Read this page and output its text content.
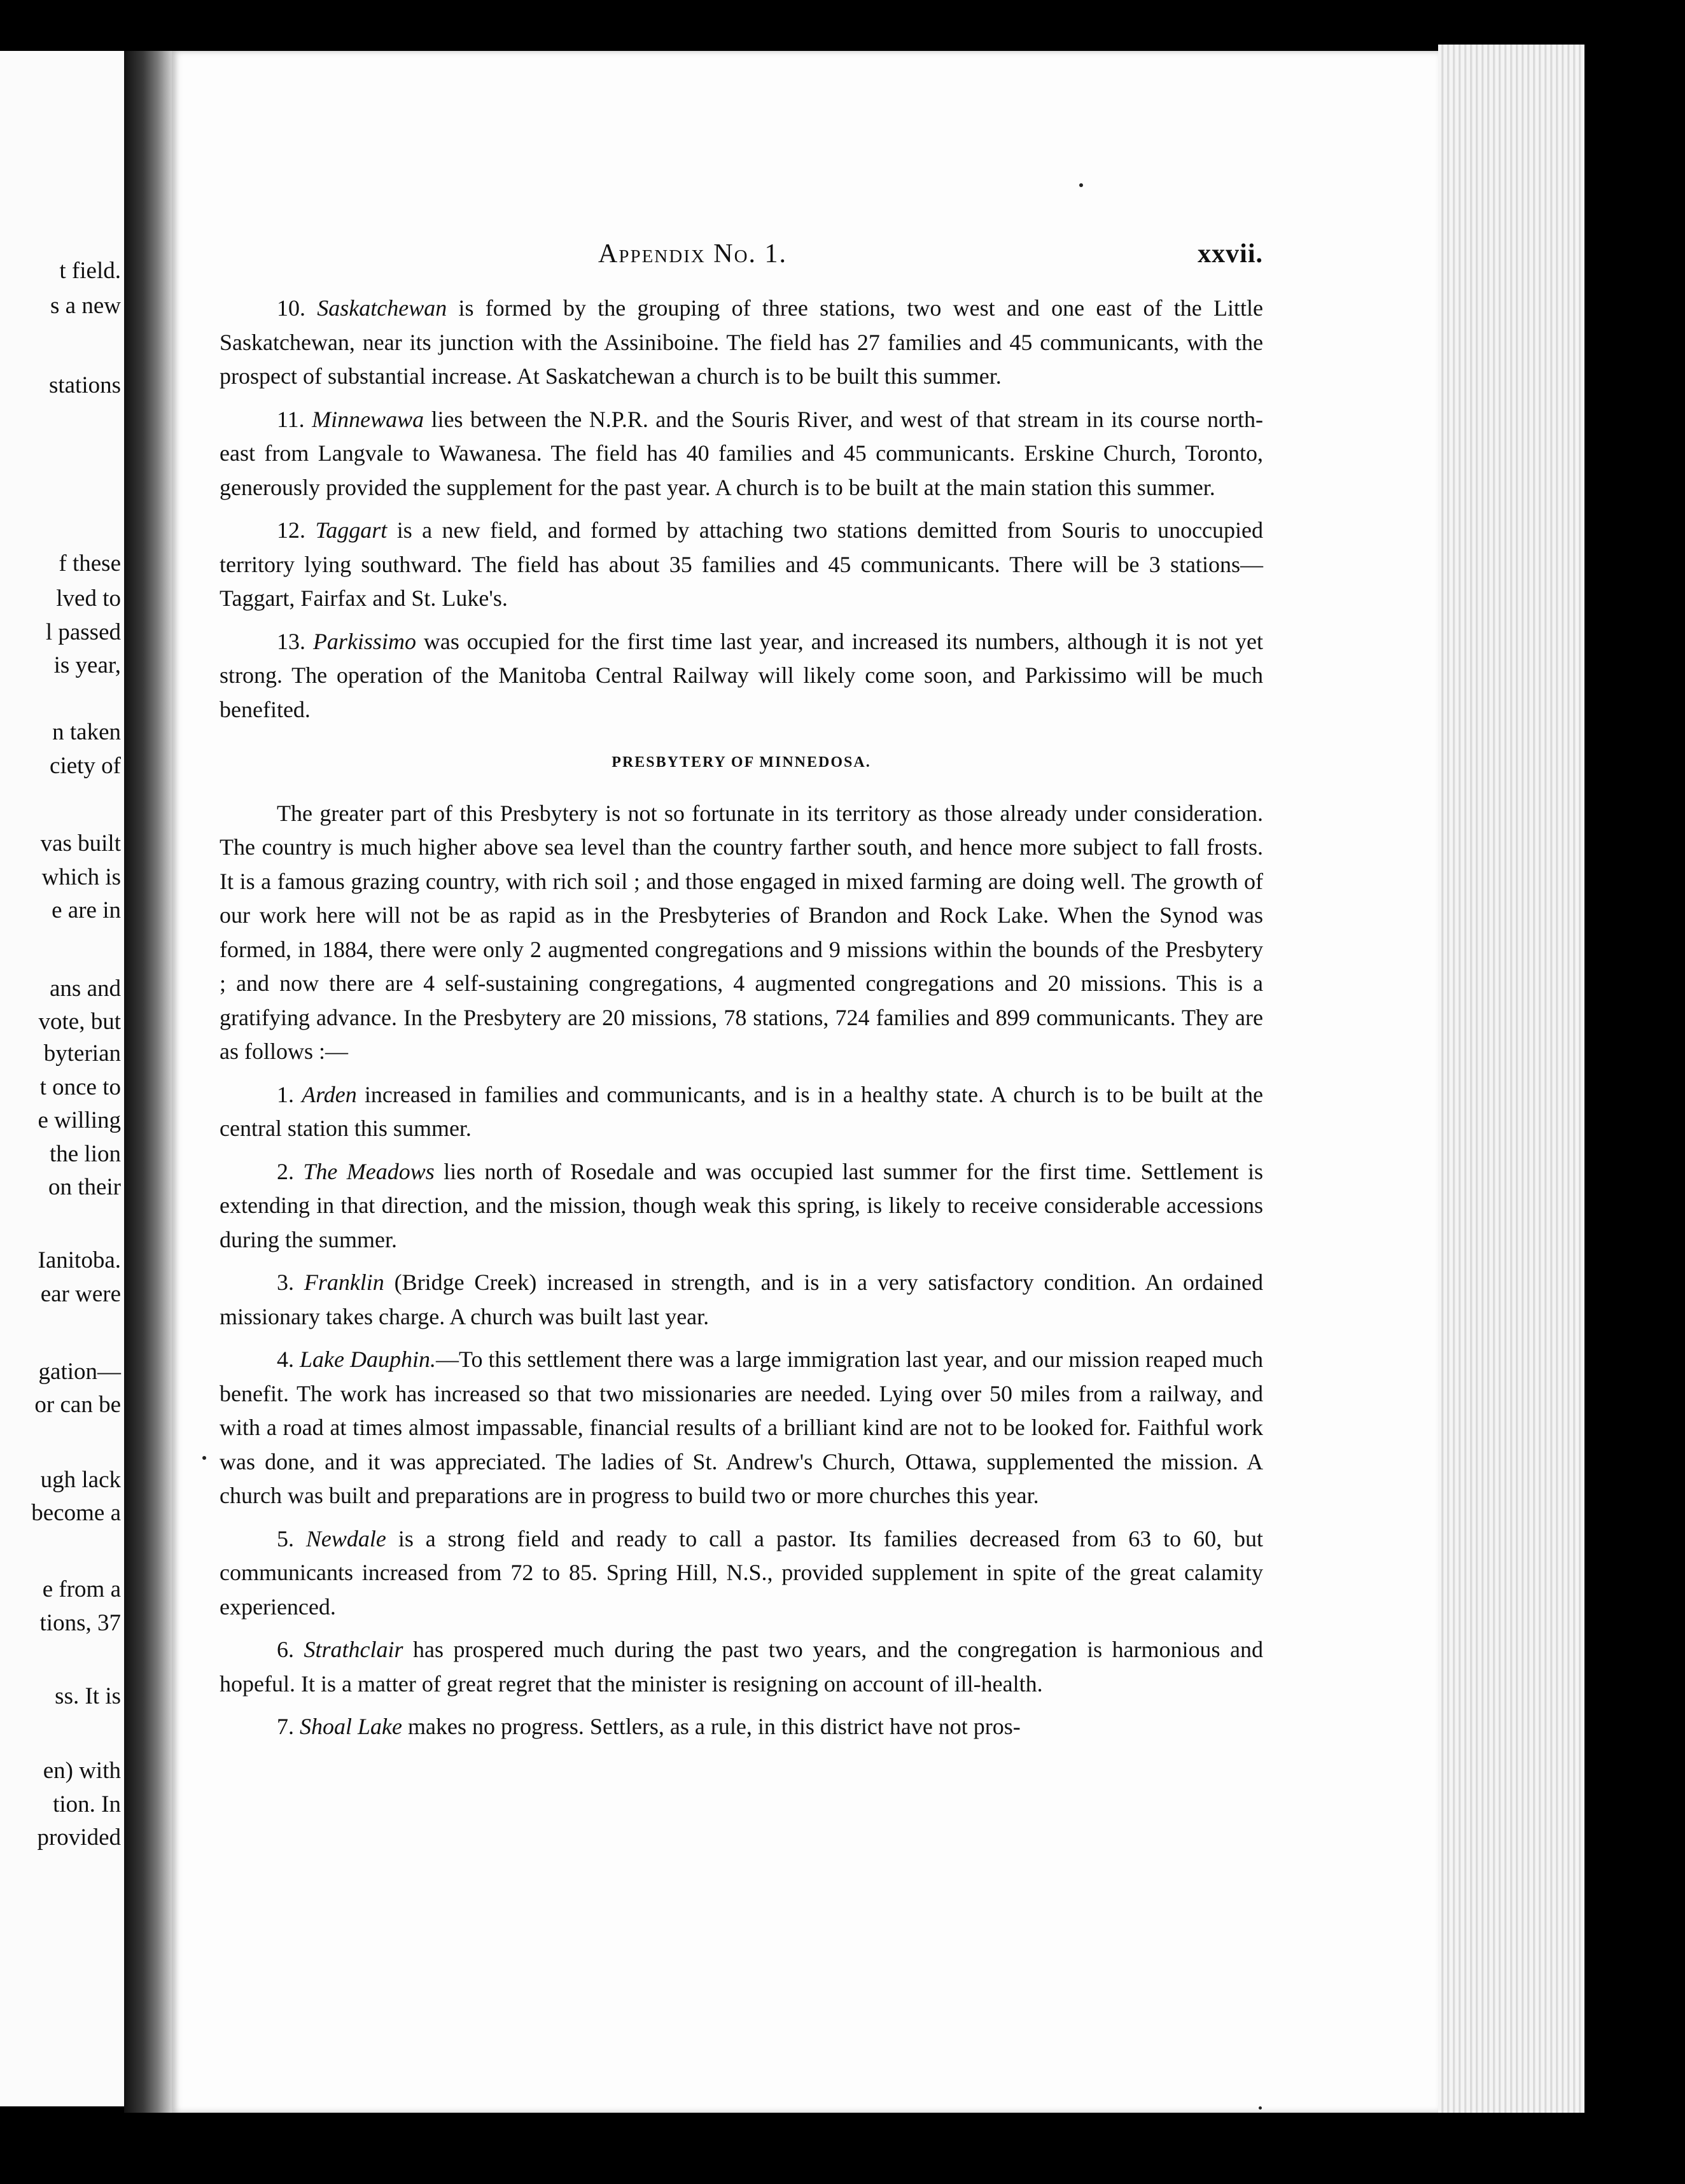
t field.
s a new
stations
f these
lved to
l passed
is year,
n taken
ciety of
vas built
which is
e are in
ans and
vote, but
byterian
t once to
e willing
the lion
on their
Ianitoba.
ear were
gation—
or can be
ugh lack
become a
e from a
tions, 37
ss. It is
en) with
tion. In
provided
Appendix No. 1.	xxvii.

10. Saskatchewan is formed by the grouping of three stations, two west and one east of the Little Saskatchewan, near its junction with the Assiniboine. The field has 27 families and 45 communicants, with the prospect of substantial increase. At Saskatchewan a church is to be built this summer.

11. Minnewawa lies between the N.P.R. and the Souris River, and west of that stream in its course north-east from Langvale to Wawanesa. The field has 40 families and 45 communicants. Erskine Church, Toronto, generously provided the supplement for the past year. A church is to be built at the main station this summer.

12. Taggart is a new field, and formed by attaching two stations demitted from Souris to unoccupied territory lying southward. The field has about 35 families and 45 communicants. There will be 3 stations—Taggart, Fairfax and St. Luke's.

13. Parkissimo was occupied for the first time last year, and increased its numbers, although it is not yet strong. The operation of the Manitoba Central Railway will likely come soon, and Parkissimo will be much benefited.

PRESBYTERY OF MINNEDOSA.

The greater part of this Presbytery is not so fortunate in its territory as those already under consideration. The country is much higher above sea level than the country farther south, and hence more subject to fall frosts. It is a famous grazing country, with rich soil ; and those engaged in mixed farming are doing well. The growth of our work here will not be as rapid as in the Presbyteries of Brandon and Rock Lake. When the Synod was formed, in 1884, there were only 2 augmented congregations and 9 missions within the bounds of the Presbytery ; and now there are 4 self-sustaining congregations, 4 augmented congregations and 20 missions. This is a gratifying advance. In the Presbytery are 20 missions, 78 stations, 724 families and 899 communicants. They are as follows :—

1. Arden increased in families and communicants, and is in a healthy state. A church is to be built at the central station this summer.

2. The Meadows lies north of Rosedale and was occupied last summer for the first time. Settlement is extending in that direction, and the mission, though weak this spring, is likely to receive considerable accessions during the summer.

3. Franklin (Bridge Creek) increased in strength, and is in a very satisfactory condition. An ordained missionary takes charge. A church was built last year.

4. Lake Dauphin.—To this settlement there was a large immigration last year, and our mission reaped much benefit. The work has increased so that two missionaries are needed. Lying over 50 miles from a railway, and with a road at times almost impassable, financial results of a brilliant kind are not to be looked for. Faithful work was done, and it was appreciated. The ladies of St. Andrew's Church, Ottawa, supplemented the mission. A church was built and preparations are in progress to build two or more churches this year.

5. Newdale is a strong field and ready to call a pastor. Its families decreased from 63 to 60, but communicants increased from 72 to 85. Spring Hill, N.S., provided supplement in spite of the great calamity experienced.

6. Strathclair has prospered much during the past two years, and the congregation is harmonious and hopeful. It is a matter of great regret that the minister is resigning on account of ill-health.

7. Shoal Lake makes no progress. Settlers, as a rule, in this district have not pros-
